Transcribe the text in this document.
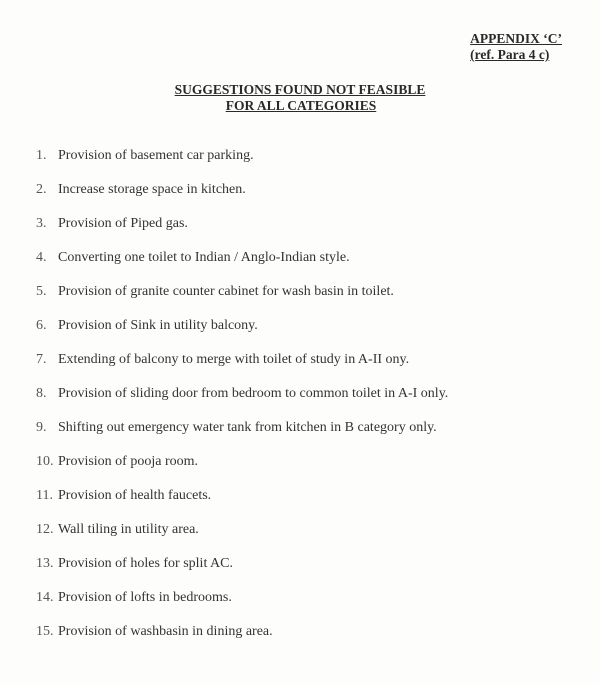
APPENDIX ‘C’
(ref. Para 4 c)
SUGGESTIONS FOUND NOT FEASIBLE
FOR ALL CATEGORIES
1. Provision of basement car parking.
2. Increase storage space in kitchen.
3. Provision of Piped gas.
4. Converting one toilet to Indian / Anglo-Indian style.
5. Provision of granite counter cabinet for wash basin in toilet.
6. Provision of Sink in utility balcony.
7. Extending of balcony to merge with toilet of study in A-II ony.
8. Provision of sliding door from bedroom to common toilet in A-I only.
9. Shifting out emergency water tank from kitchen in B category only.
10. Provision of pooja room.
11. Provision of health faucets.
12. Wall tiling in utility area.
13. Provision of holes for split AC.
14. Provision of lofts in bedrooms.
15. Provision of washbasin in dining area.
